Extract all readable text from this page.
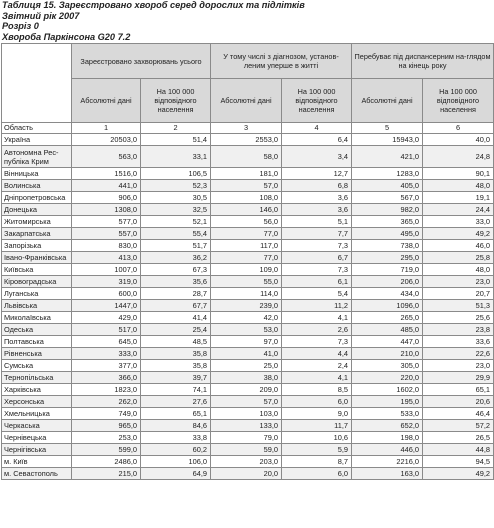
Таблиця 15. Зареєстровано хвороб серед дорослих та підлітків
Звітний рік 2007
Розріз 0
Хвороба Паркінсона G20 7.2
	Зареєстровано захворювань усього		У тому числі з діагнозом, установ-леним уперше в житті		Перебуває під диспансерним на-глядом на кінець року	
	Абсолютні дані	На 100 000 відповідного населення	Абсолютні дані	На 100 000 відповідного населення	Абсолютні дані	На 100 000 відповідного населення
Область	1	2	3	4	5	6
Україна	20503,0	51,4	2553,0	6,4	15943,0	40,0
Автономна Рес-публіка Крим	563,0	33,1	58,0	3,4	421,0	24,8
Вінницька	1516,0	106,5	181,0	12,7	1283,0	90,1
Волинська	441,0	52,3	57,0	6,8	405,0	48,0
Дніпропетровська	906,0	30,5	108,0	3,6	567,0	19,1
Донецька	1308,0	32,5	146,0	3,6	982,0	24,4
Житомирська	577,0	52,1	56,0	5,1	365,0	33,0
Закарпатська	557,0	55,4	77,0	7,7	495,0	49,2
Запорізька	830,0	51,7	117,0	7,3	738,0	46,0
Івано-Франківська	413,0	36,2	77,0	6,7	295,0	25,8
Київська	1007,0	67,3	109,0	7,3	719,0	48,0
Кіровоградська	319,0	35,6	55,0	6,1	206,0	23,0
Луганська	600,0	28,7	114,0	5,4	434,0	20,7
Львівська	1447,0	67,7	239,0	11,2	1096,0	51,3
Миколаївська	429,0	41,4	42,0	4,1	265,0	25,6
Одеська	517,0	25,4	53,0	2,6	485,0	23,8
Полтавська	645,0	48,5	97,0	7,3	447,0	33,6
Рівненська	333,0	35,8	41,0	4,4	210,0	22,6
Сумська	377,0	35,8	25,0	2,4	305,0	23,0
Тернопільська	366,0	39,7	38,0	4,1	220,0	29,9
Харківська	1823,0	74,1	209,0	8,5	1602,0	65,1
Херсонська	262,0	27,6	57,0	6,0	195,0	20,6
Хмельницька	749,0	65,1	103,0	9,0	533,0	46,4
Черкаська	965,0	84,6	133,0	11,7	652,0	57,2
Чернівецька	253,0	33,8	79,0	10,6	198,0	26,5
Чернігівська	599,0	60,2	59,0	5,9	446,0	44,8
м. Київ	2486,0	106,0	203,0	8,7	2216,0	94,5
м. Севастополь	215,0	64,9	20,0	6,0	163,0	49,2
